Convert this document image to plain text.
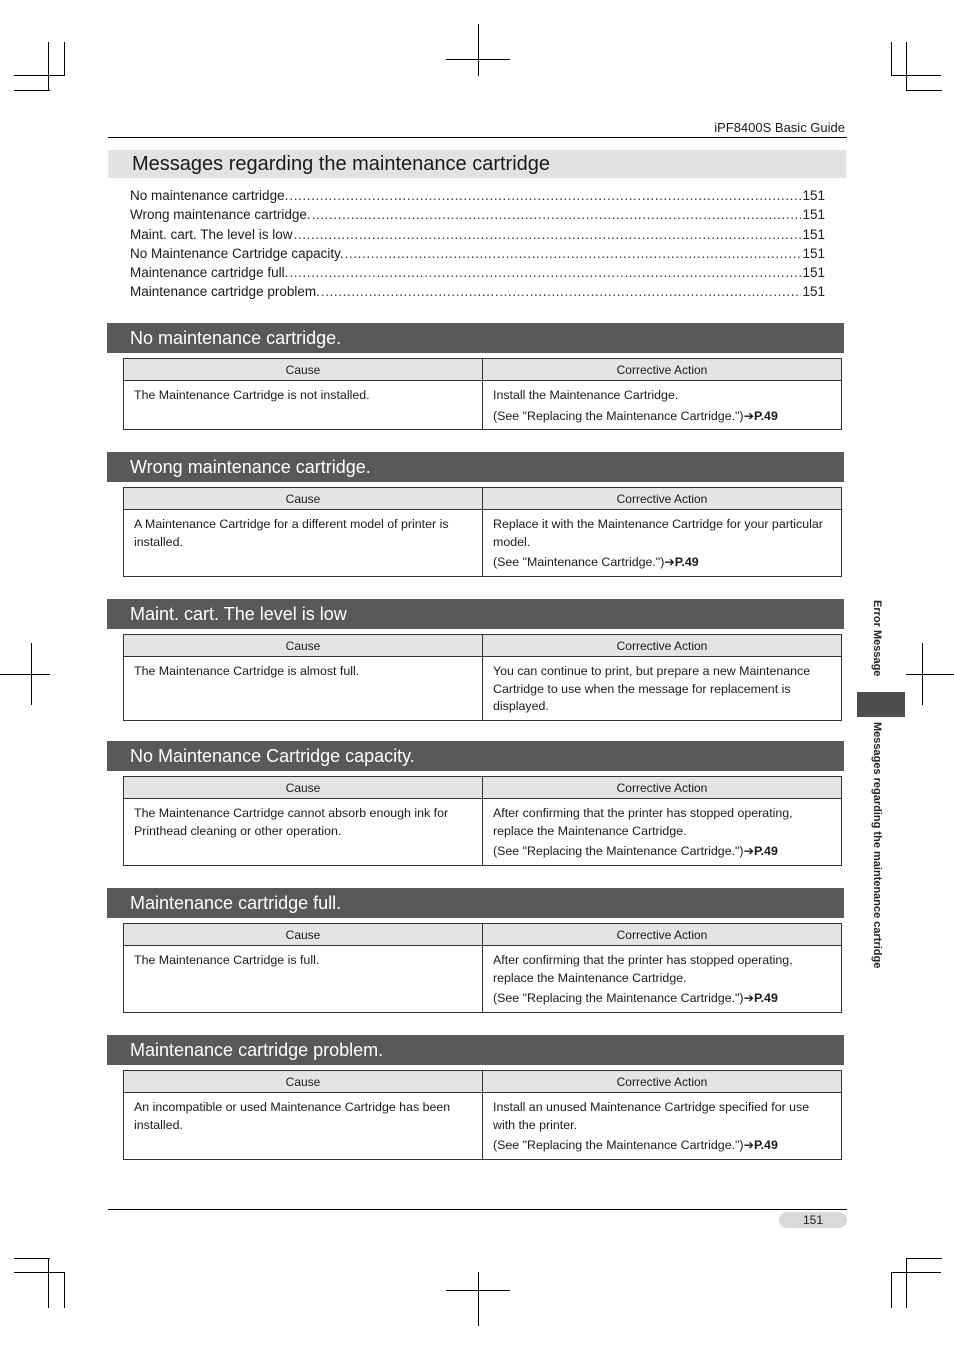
iPF8400S Basic Guide
Messages regarding the maintenance cartridge
No maintenance cartridge. .....	151
Wrong maintenance cartridge. .....	151
Maint. cart. The level is low .....	151
No Maintenance Cartridge capacity. .....	151
Maintenance cartridge full. .....	151
Maintenance cartridge problem. .....	151
No maintenance cartridge.
Cause	Corrective Action

The Maintenance Cartridge is not installed.	Install the Maintenance Cartridge.
(See "Replacing the Maintenance Cartridge.")➔P.49
Wrong maintenance cartridge.
Cause	Corrective Action

A Maintenance Cartridge for a different model of printer is installed.	Replace it with the Maintenance Cartridge for your particular model.
(See "Maintenance Cartridge.")➔P.49
Maint. cart. The level is low
Cause	Corrective Action

The Maintenance Cartridge is almost full.	You can continue to print, but prepare a new Maintenance Cartridge to use when the message for replacement is displayed.
No Maintenance Cartridge capacity.
Cause	Corrective Action

The Maintenance Cartridge cannot absorb enough ink for Printhead cleaning or other operation.	After confirming that the printer has stopped operating, replace the Maintenance Cartridge.
(See "Replacing the Maintenance Cartridge.")➔P.49
Maintenance cartridge full.
Cause	Corrective Action

The Maintenance Cartridge is full.	After confirming that the printer has stopped operating, replace the Maintenance Cartridge.
(See "Replacing the Maintenance Cartridge.")➔P.49
Maintenance cartridge problem.
Cause	Corrective Action

An incompatible or used Maintenance Cartridge has been installed.	Install an unused Maintenance Cartridge specified for use with the printer.
(See "Replacing the Maintenance Cartridge.")➔P.49
Error Message
Messages regarding the maintenance cartridge
151
